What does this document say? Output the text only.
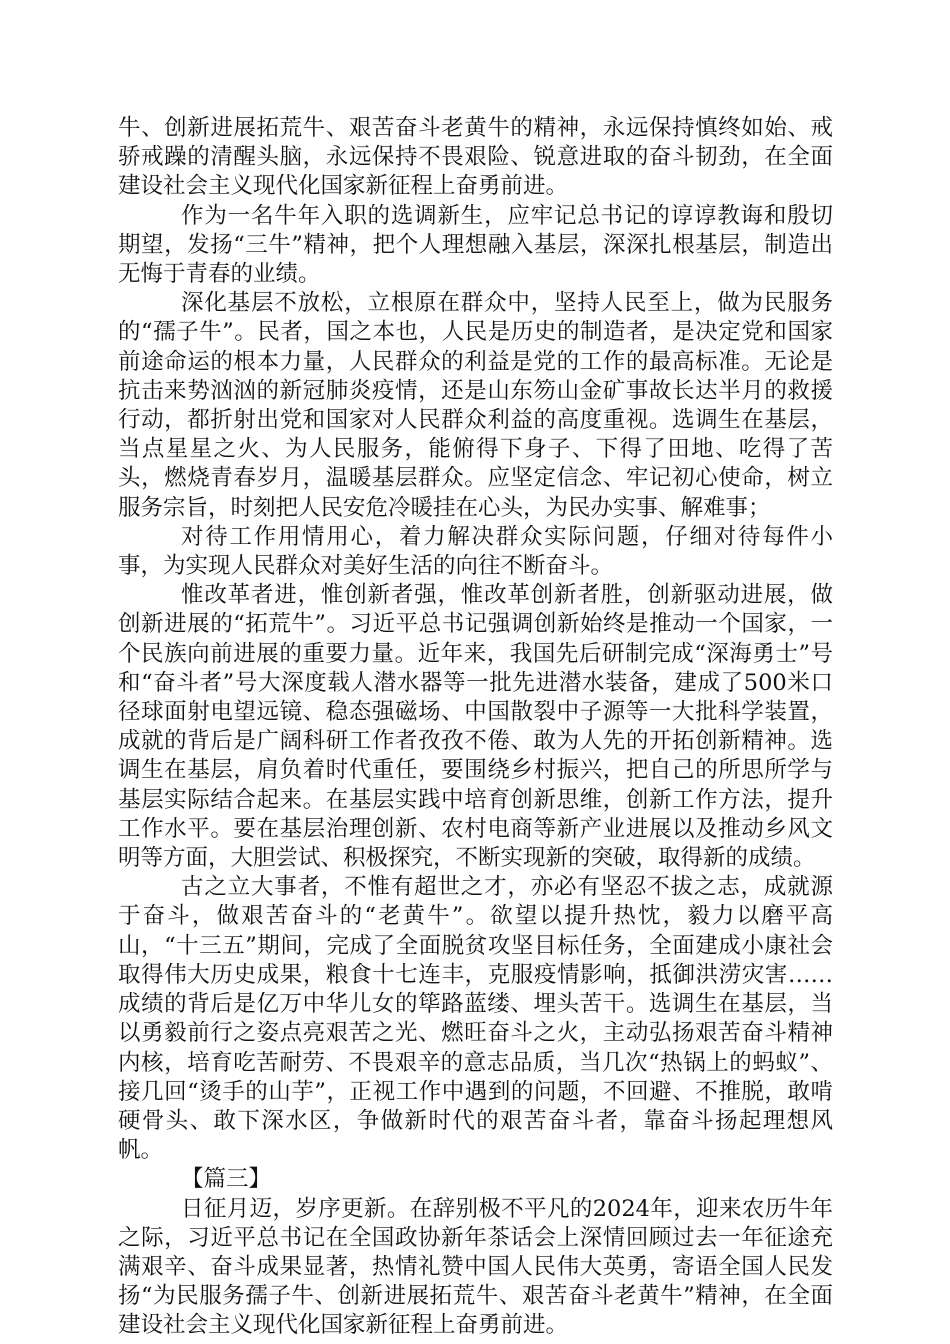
牛、创新进展拓荒牛、艰苦奋斗老黄牛的精神，永远保持慎终如始、戒骄戒躁的清醒头脑，永远保持不畏艰险、锐意进取的奋斗韧劲，在全面建设社会主义现代化国家新征程上奋勇前进。

作为一名牛年入职的选调新生，应牢记总书记的谆谆教诲和殷切期望，发扬“三牛”精神，把个人理想融入基层，深深扎根基层，制造出无悔于青春的业绩。

深化基层不放松，立根原在群众中，坚持人民至上，做为民服务的“孺子牛”。民者，国之本也，人民是历史的制造者，是决定党和国家前途命运的根本力量，人民群众的利益是党的工作的最高标准。无论是抗击来势汹汹的新冠肺炎疫情，还是山东笏山金矿事故长达半月的救援行动，都折射出党和国家对人民群众利益的高度重视。选调生在基层，当点星星之火、为人民服务，能俯得下身子、下得了田地、吃得了苦头，燃烧青春岁月，温暖基层群众。应坚定信念、牢记初心使命，树立服务宗旨，时刻把人民安危冷暖挂在心头，为民办实事、解难事；

对待工作用情用心，着力解决群众实际问题，仔细对待每件小事，为实现人民群众对美好生活的向往不断奋斗。

惟改革者进，惟创新者强，惟改革创新者胜，创新驱动进展，做创新进展的“拓荒牛”。习近平总书记强调创新始终是推动一个国家，一个民族向前进展的重要力量。近年来，我国先后研制完成“深海勇士”号和“奋斗者”号大深度载人潜水器等一批先进潜水装备，建成了500米口径球面射电望远镜、稳态强磁场、中国散裂中子源等一大批科学装置，成就的背后是广阔科研工作者孜孜不倦、敢为人先的开拓创新精神。选调生在基层，肩负着时代重任，要围绕乡村振兴，把自己的所思所学与基层实际结合起来。在基层实践中培育创新思维，创新工作方法，提升工作水平。要在基层治理创新、农村电商等新产业进展以及推动乡风文明等方面，大胆尝试、积极探究，不断实现新的突破，取得新的成绩。

古之立大事者，不惟有超世之才，亦必有坚忍不拔之志，成就源于奋斗，做艰苦奋斗的“老黄牛”。欲望以提升热忱，毅力以磨平高山，“十三五”期间，完成了全面脱贫攻坚目标任务，全面建成小康社会取得伟大历史成果，粮食十七连丰，克服疫情影响，抵御洪涝灾害……成绩的背后是亿万中华儿女的筚路蓝缕、埋头苦干。选调生在基层，当以勇毅前行之姿点亮艰苦之光、燃旺奋斗之火，主动弘扬艰苦奋斗精神内核，培育吃苦耐劳、不畏艰辛的意志品质，当几次“热锅上的蚂蚁”、接几回“烫手的山芋”，正视工作中遇到的问题，不回避、不推脱，敢啃硬骨头、敢下深水区，争做新时代的艰苦奋斗者，靠奋斗扬起理想风帆。

【篇三】

日征月迈，岁序更新。在辞别极不平凡的2024年，迎来农历牛年之际，习近平总书记在全国政协新年茶话会上深情回顾过去一年征途充满艰辛、奋斗成果显著，热情礼赞中国人民伟大英勇，寄语全国人民发扬“为民服务孺子牛、创新进展拓荒牛、艰苦奋斗老黄牛”精神，在全面建设社会主义现代化国家新征程上奋勇前进。
